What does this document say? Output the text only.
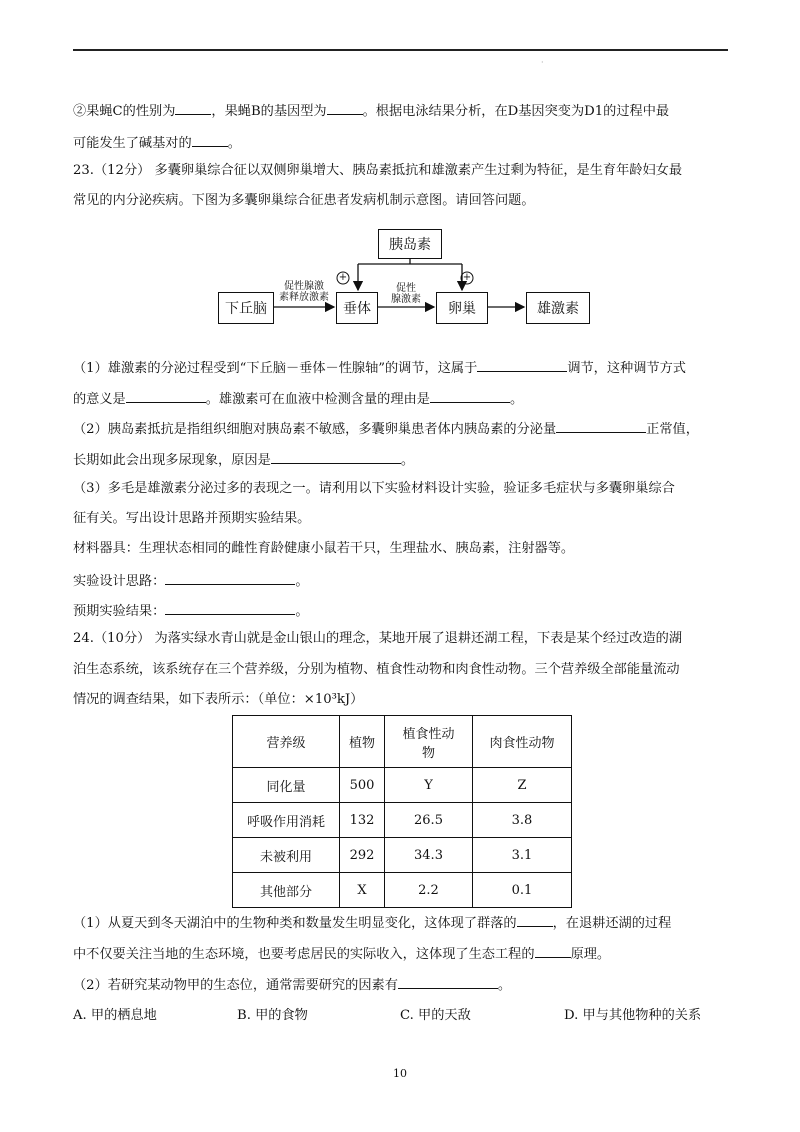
·
②果蝇C的性别为	，果蝇B的基因型为	。根据电泳结果分析，在D基因突变为D1的过程中最
可能发生了碱基对的	。
23.（12分） 多囊卵巢综合征以双侧卵巢增大、胰岛素抵抗和雄激素产生过剩为特征，是生育年龄妇女最
常见的内分泌疾病。下图为多囊卵巢综合征患者发病机制示意图。请回答问题。
+	+
胰岛素
下丘脑	垂体	卵巢	雄激素
促性腺激
素释放激素
促性
腺激素
（1）雄激素的分泌过程受到“下丘脑－垂体－性腺轴”的调节，这属于	调节，这种调节方式
的意义是	。雄激素可在血液中检测含量的理由是	。
（2）胰岛素抵抗是指组织细胞对胰岛素不敏感，多囊卵巢患者体内胰岛素的分泌量	正常值，
长期如此会出现多尿现象，原因是	。
（3）多毛是雄激素分泌过多的表现之一。请利用以下实验材料设计实验，验证多毛症状与多囊卵巢综合
征有关。写出设计思路并预期实验结果。
材料器具：生理状态相同的雌性育龄健康小鼠若干只，生理盐水、胰岛素，注射器等。
实验设计思路：	。
预期实验结果：	。
24.（10分） 为落实绿水青山就是金山银山的理念，某地开展了退耕还湖工程，下表是某个经过改造的湖
泊生态系统，该系统存在三个营养级，分别为植物、植食性动物和肉食性动物。三个营养级全部能量流动
情况的调查结果，如下表所示：（单位：×10³kJ）
营养级	植物	植食性动物	肉食性动物
同化量	500	Y	Z
呼吸作用消耗	132	26.5	3.8
未被利用	292	34.3	3.1
其他部分	X	2.2	0.1
（1）从夏天到冬天湖泊中的生物种类和数量发生明显变化，这体现了群落的	，在退耕还湖的过程
中不仅要关注当地的生态环境，也要考虑居民的实际收入，这体现了生态工程的	原理。
（2）若研究某动物甲的生态位，通常需要研究的因素有	。
A. 甲的栖息地	B. 甲的食物	C. 甲的天敌	D. 甲与其他物种的关系
10
